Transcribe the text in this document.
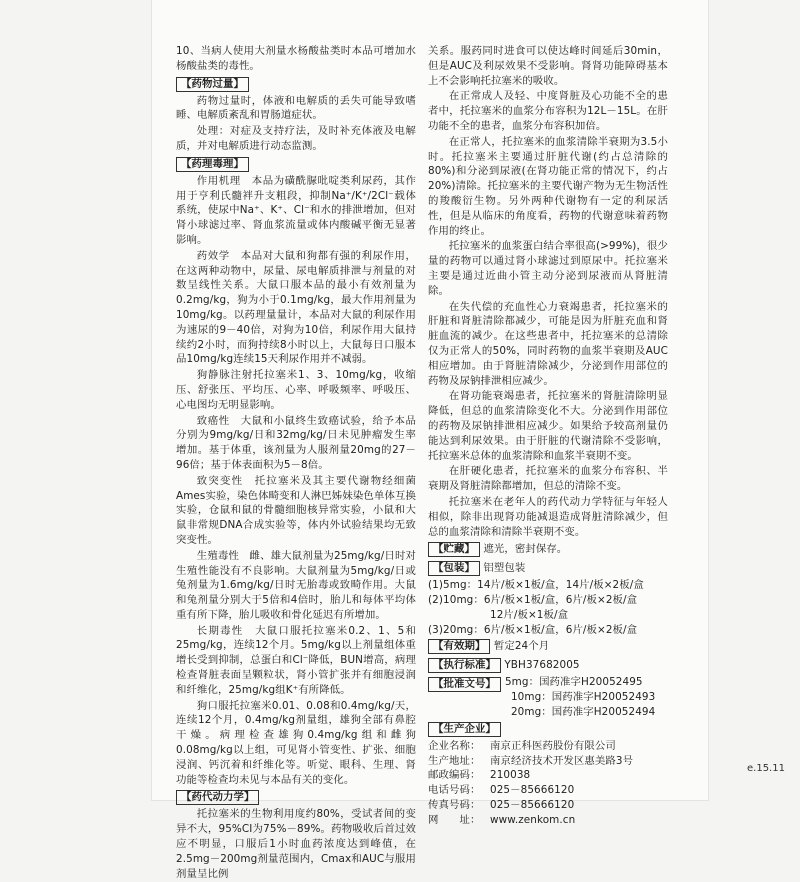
10、当病人使用大剂量水杨酸盐类时本品可增加水杨酸盐类的毒性。

【药物过量】

药物过量时，体液和电解质的丢失可能导致嗜睡、电解质紊乱和胃肠道症状。

处理：对症及支持疗法，及时补充体液及电解质，并对电解质进行动态监测。

【药理毒理】

作用机理　本品为磺酰脲吡啶类利尿药，其作用于亨利氏髓袢升支粗段，抑制Na⁺/K⁺/2Cl⁻载体系统，使尿中Na⁺、K⁺、Cl⁻和水的排泄增加，但对肾小球滤过率、肾血浆流量或体内酸碱平衡无显著影响。

药效学　本品对大鼠和狗都有强的利尿作用，在这两种动物中，尿量、尿电解质排泄与剂量的对数呈线性关系。大鼠口服本品的最小有效剂量为0.2mg/kg，狗为小于0.1mg/kg，最大作用剂量为10mg/kg。以药理量量计，本品对大鼠的利尿作用为速尿的9－40倍，对狗为10倍，利尿作用大鼠持续约2小时，而狗持续8小时以上，大鼠每日口服本品10mg/kg连续15天利尿作用并不减弱。

狗静脉注射托拉塞米1、3、10mg/kg，收缩压、舒张压、平均压、心率、呼吸频率、呼吸压、心电图均无明显影响。

致癌性　大鼠和小鼠终生致癌试验，给予本品分别为9mg/kg/日和32mg/kg/日未见肿瘤发生率增加。基于体重，该剂量为人服剂量20mg的27－96倍；基于体表面积为5－8倍。

致突变性　托拉塞米及其主要代谢物经细菌Ames实验，染色体畸变和人淋巴姊妹染色单体互换实验，仓鼠和鼠的骨髓细胞核异常实验，小鼠和大鼠非常规DNA合成实验等，体内外试验结果均无致突变性。

生殖毒性　雌、雄大鼠剂量为25mg/kg/日时对生殖性能没有不良影响。大鼠剂量为5mg/kg/日或兔剂量为1.6mg/kg/日时无胎毒或致畸作用。大鼠和兔剂量分别大于5倍和4倍时，胎儿和每体平均体重有所下降，胎儿吸收和骨化延迟有所增加。

长期毒性　大鼠口服托拉塞米0.2、1、5和25mg/kg，连续12个月。5mg/kg以上剂量组体重增长受到抑制，总蛋白和Cl⁻降低，BUN增高，病理检查肾脏表面呈颗粒状，肾小管扩张并有细胞浸润和纤维化，25mg/kg组K⁺有所降低。

狗口服托拉塞米0.01、0.08和0.4mg/kg/天，连续12个月，0.4mg/kg剂量组，雄狗全部有鼻腔干燥。病理检查雄狗0.4mg/kg组和雌狗0.08mg/kg以上组，可见肾小管变性、扩张、细胞浸润、钙沉着和纤维化等。听觉、眼科、生理、肾功能等检查均未见与本品有关的变化。

【药代动力学】

托拉塞米的生物利用度约80%，受试者间的变异不大，95%CI为75%－89%。药物吸收后首过效应不明显，口服后1小时血药浓度达到峰值，在2.5mg－200mg剂量范围内，Cmax和AUC与服用剂量呈比例

关系。服药同时进食可以使达峰时间延后30min，但是AUC及利尿效果不受影响。肾肾功能障碍基本上不会影响托拉塞米的吸收。

在正常成人及轻、中度肾脏及心功能不全的患者中，托拉塞米的血浆分布容积为12L－15L。在肝功能不全的患者，血浆分布容积加倍。

在正常人，托拉塞米的血浆清除半衰期为3.5小时。托拉塞米主要通过肝脏代谢(约占总清除的80%)和分泌到尿液(在肾功能正常的情况下，约占20%)清除。托拉塞米的主要代谢产物为无生物活性的羧酸衍生物。另外两种代谢物有一定的利尿活性，但是从临床的角度看，药物的代谢意味着药物作用的终止。

托拉塞米的血浆蛋白结合率很高(>99%)，很少量的药物可以通过肾小球滤过到原尿中。托拉塞米主要是通过近曲小管主动分泌到尿液而从肾脏清除。

在失代偿的充血性心力衰竭患者，托拉塞米的肝脏和肾脏清除都减少，可能是因为肝脏充血和肾脏血流的减少。在这些患者中，托拉塞米的总清除仅为正常人的50%，同时药物的血浆半衰期及AUC相应增加。由于肾脏清除减少，分泌到作用部位的药物及尿钠排泄相应减少。

在肾功能衰竭患者，托拉塞米的肾脏清除明显降低，但总的血浆清除变化不大。分泌到作用部位的药物及尿钠排泄相应减少。如果给予较高剂量仍能达到利尿效果。由于肝脏的代谢清除不受影响，托拉塞米总体的血浆清除和血浆半衰期不变。

在肝硬化患者，托拉塞米的血浆分布容积、半衰期及肾脏清除都增加，但总的清除不变。

托拉塞米在老年人的药代动力学特征与年轻人相似，除非出现肾功能减退造成肾脏清除减少，但总的血浆清除和清除半衰期不变。

【贮藏】 遮光，密封保存。
【包装】 铝塑包装
(1)5mg：14片/板×1板/盒，14片/板×2板/盒
(2)10mg：6片/板×1板/盒，6片/板×2板/盒
12片/板×1板/盒
(3)20mg：6片/板×1板/盒，6片/板×2板/盒
【有效期】 暂定24个月
【执行标准】 YBH37682005
【批准文号】 5mg：国药准字H20052495
10mg：国药准字H20052493
20mg：国药准字H20052494
【生产企业】
企业名称： 南京正科医药股份有限公司
生产地址： 南京经济技术开发区惠美路3号
邮政编码： 210038
电话号码： 025－85666120
传真号码： 025－85666120
网　　址： www.zenkom.cn
e.15.11
